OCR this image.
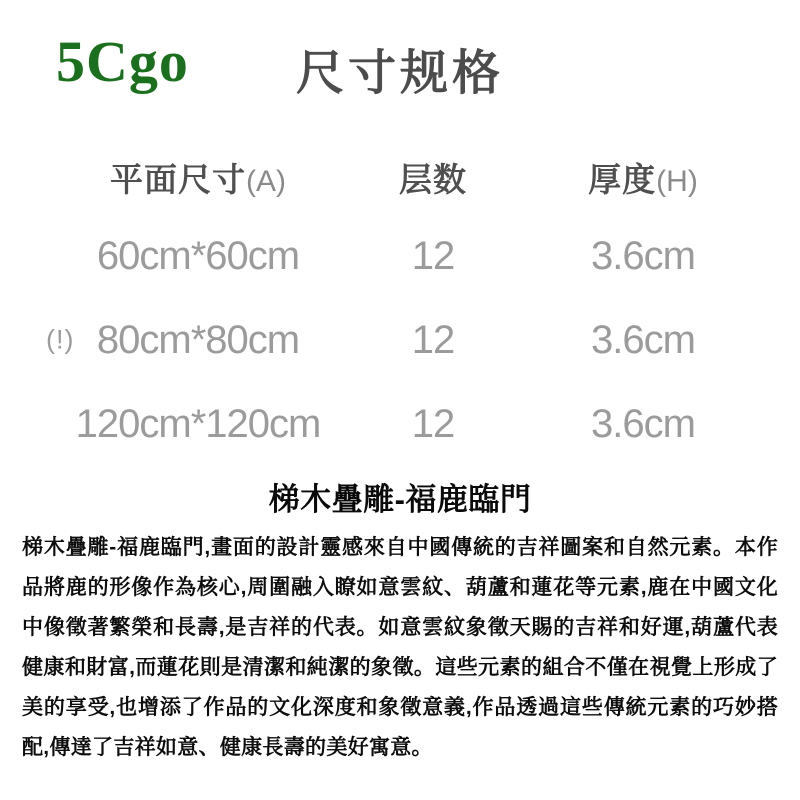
5Cgo	尺寸规格
平面尺寸(A)	层数	厚度(H)
60cm*60cm	12	3.6cm
(!) 80cm*80cm	12	3.6cm
120cm*120cm	12	3.6cm
梯木疊雕-福鹿臨門
梯木疊雕-福鹿臨門,畫面的設計靈感來自中國傳統的吉祥圖案和自然元素。本作品將鹿的形像作為核心,周圍融入瞭如意雲紋、葫蘆和蓮花等元素,鹿在中國文化中像徵著繁榮和長壽,是吉祥的代表。如意雲紋象徵天賜的吉祥和好運,葫蘆代表健康和財富,而蓮花則是清潔和純潔的象徵。這些元素的組合不僅在視覺上形成了美的享受,也增添了作品的文化深度和象徵意義,作品透過這些傳統元素的巧妙搭配,傳達了吉祥如意、健康長壽的美好寓意。
